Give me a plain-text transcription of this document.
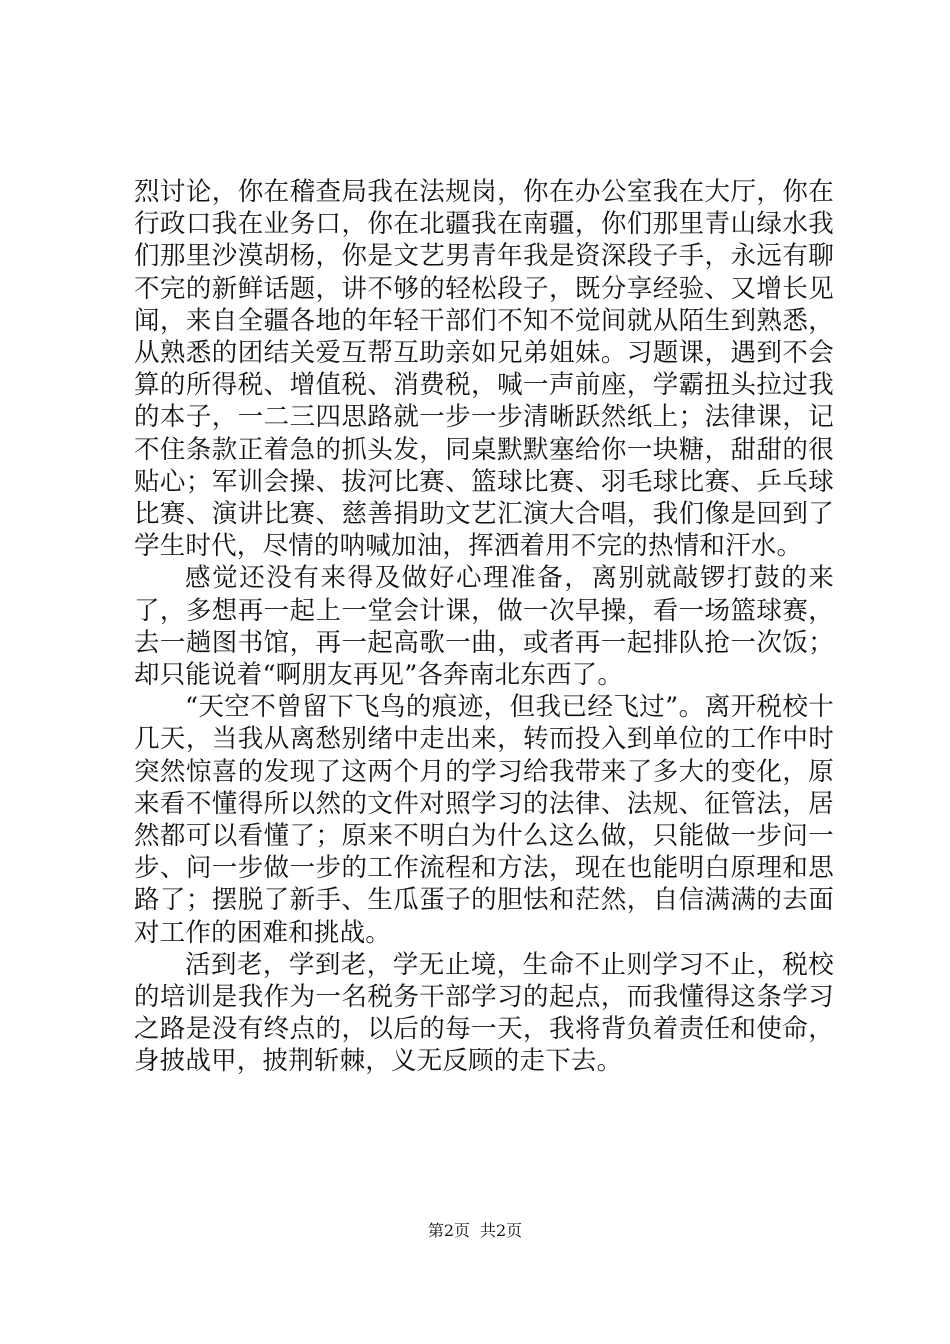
烈讨论，你在稽查局我在法规岗，你在办公室我在大厅，你在行政口我在业务口，你在北疆我在南疆，你们那里青山绿水我们那里沙漠胡杨，你是文艺男青年我是资深段子手，永远有聊不完的新鲜话题，讲不够的轻松段子，既分享经验、又增长见闻，来自全疆各地的年轻干部们不知不觉间就从陌生到熟悉，从熟悉的团结关爱互帮互助亲如兄弟姐妹。习题课，遇到不会算的所得税、增值税、消费税，喊一声前座，学霸扭头拉过我的本子，一二三四思路就一步一步清晰跃然纸上；法律课，记不住条款正着急的抓头发，同桌默默塞给你一块糖，甜甜的很贴心；军训会操、拔河比赛、篮球比赛、羽毛球比赛、乒乓球比赛、演讲比赛、慈善捐助文艺汇演大合唱，我们像是回到了学生时代，尽情的呐喊加油，挥洒着用不完的热情和汗水。

感觉还没有来得及做好心理准备，离别就敲锣打鼓的来了，多想再一起上一堂会计课，做一次早操，看一场篮球赛，去一趟图书馆，再一起高歌一曲，或者再一起排队抢一次饭；却只能说着“啊朋友再见”各奔南北东西了。

“天空不曾留下飞鸟的痕迹，但我已经飞过”。离开税校十几天，当我从离愁别绪中走出来，转而投入到单位的工作中时突然惊喜的发现了这两个月的学习给我带来了多大的变化，原来看不懂得所以然的文件对照学习的法律、法规、征管法，居然都可以看懂了；原来不明白为什么这么做，只能做一步问一步、问一步做一步的工作流程和方法，现在也能明白原理和思路了；摆脱了新手、生瓜蛋子的胆怯和茫然，自信满满的去面对工作的困难和挑战。

活到老，学到老，学无止境，生命不止则学习不止，税校的培训是我作为一名税务干部学习的起点，而我懂得这条学习之路是没有终点的，以后的每一天，我将背负着责任和使命，身披战甲，披荆斩棘，义无反顾的走下去。

第2页 共2页
